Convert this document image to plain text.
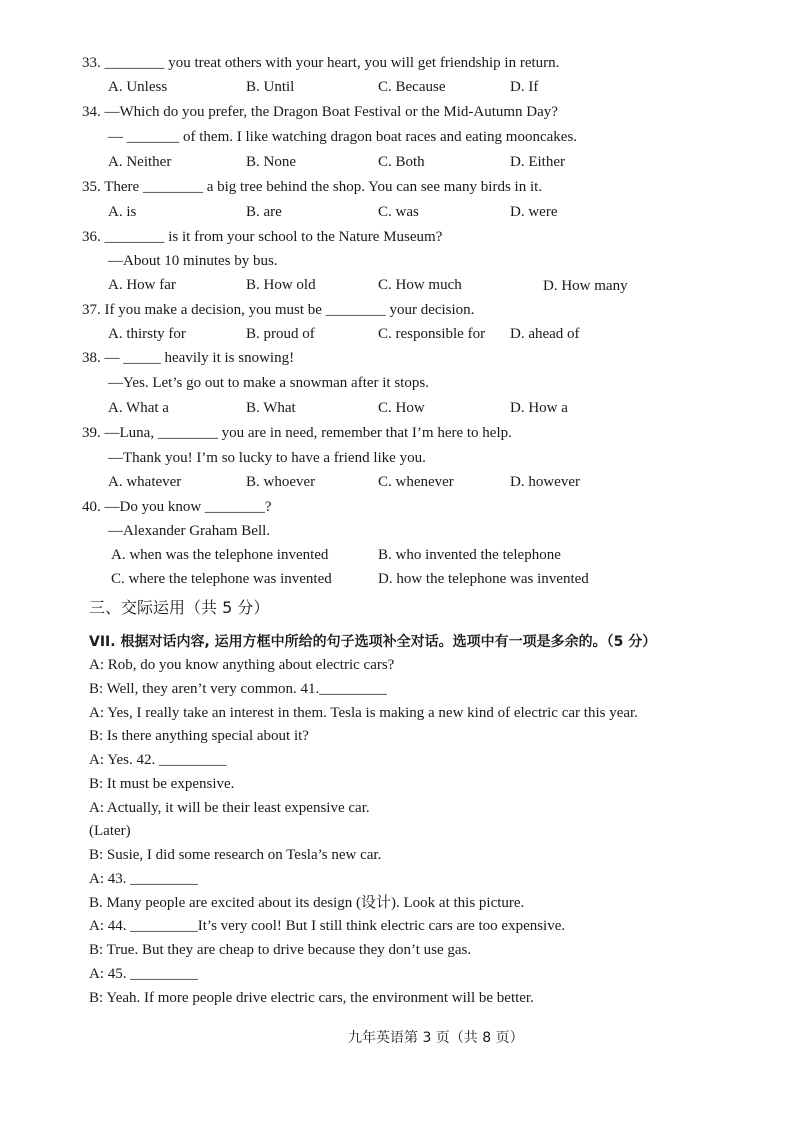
33. ________ you treat others with your heart, you will get friendship in return.
A. Unless	B. Until	C. Because	D. If
34. —Which do you prefer, the Dragon Boat Festival or the Mid-Autumn Day?
— _______ of them. I like watching dragon boat races and eating mooncakes.
A. Neither	B. None	C. Both	D. Either
35. There ________ a big tree behind the shop. You can see many birds in it.
A. is	B. are	C. was	D. were
36. ________ is it from your school to the Nature Museum?
—About 10 minutes by bus.
A. How far	B. How old	C. How much	D. How many
37. If you make a decision, you must be ________ your decision.
A. thirsty for	B. proud of	C. responsible for D. ahead of
38. — _____ heavily it is snowing!
—Yes. Let’s go out to make a snowman after it stops.
A. What a	B. What	C. How	D. How a
39. —Luna, ________ you are in need, remember that I’m here to help.
—Thank you! I’m so lucky to have a friend like you.
A. whatever	B. whoever	C. whenever	D. however
40. —Do you know ________?
—Alexander Graham Bell.
A. when was the telephone invented	B. who invented the telephone
C. where the telephone was invented	D. how the telephone was invented
三、交际运用（共 5 分）
VII. 根据对话内容, 运用方框中所给的句子选项补全对话。选项中有一项是多余的。（5 分）
A: Rob, do you know anything about electric cars?
B: Well, they aren’t very common. 41._________
A: Yes, I really take an interest in them. Tesla is making a new kind of electric car this year.
B: Is there anything special about it?
A: Yes. 42. _________
B: It must be expensive.
A: Actually, it will be their least expensive car.
(Later)
B: Susie, I did some research on Tesla’s new car.
A: 43. _________
B. Many people are excited about its design (设计). Look at this picture.
A: 44. _________It’s very cool! But I still think electric cars are too expensive.
B: True. But they are cheap to drive because they don’t use gas.
A: 45. _________
B: Yeah. If more people drive electric cars, the environment will be better.
九年英语第 3 页（共 8 页）
